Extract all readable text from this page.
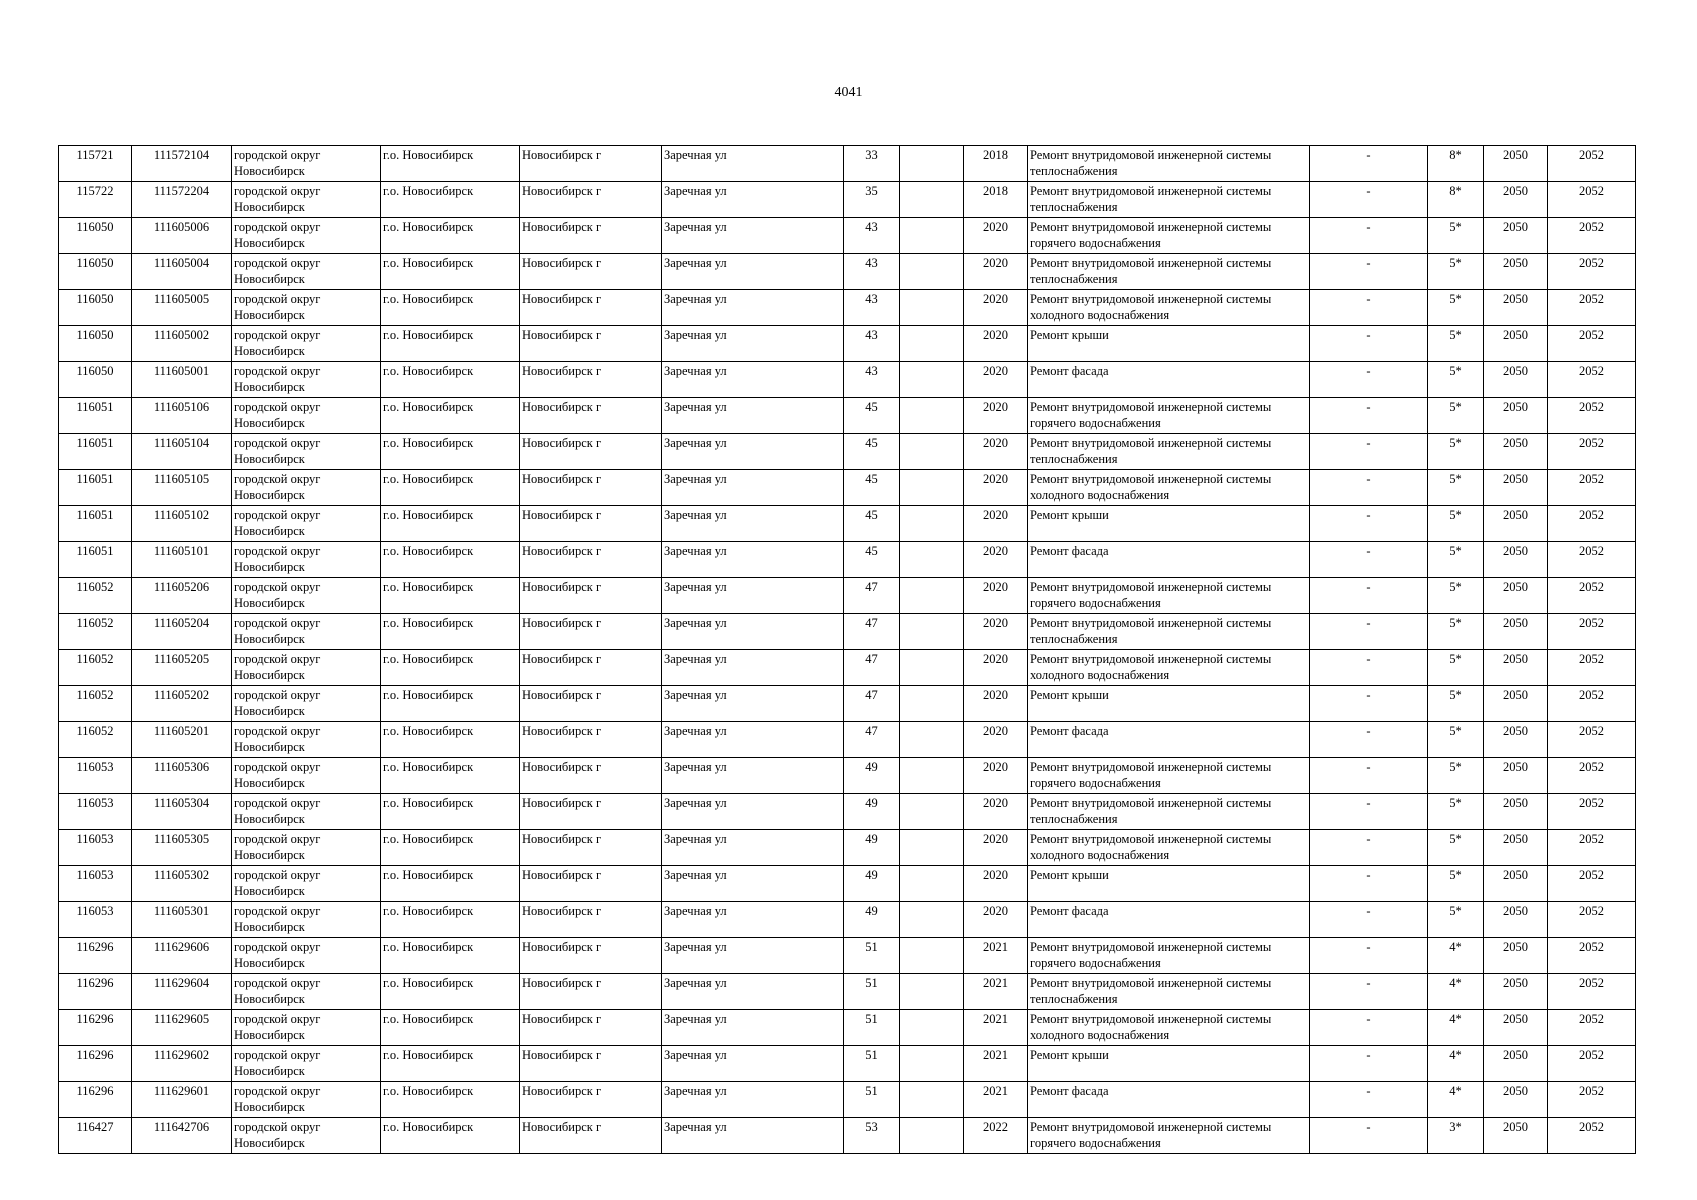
4041
115721	111572104	городской округ Новосибирск	г.о. Новосибирск	Новосибирск г	Заречная ул	33		2018	Ремонт внутридомовой инженерной системы теплоснабжения	-	8*	2050	2052
115722	111572204	городской округ Новосибирск	г.о. Новосибирск	Новосибирск г	Заречная ул	35		2018	Ремонт внутридомовой инженерной системы теплоснабжения	-	8*	2050	2052
116050	111605006	городской округ Новосибирск	г.о. Новосибирск	Новосибирск г	Заречная ул	43		2020	Ремонт внутридомовой инженерной системы горячего водоснабжения	-	5*	2050	2052
116050	111605004	городской округ Новосибирск	г.о. Новосибирск	Новосибирск г	Заречная ул	43		2020	Ремонт внутридомовой инженерной системы теплоснабжения	-	5*	2050	2052
116050	111605005	городской округ Новосибирск	г.о. Новосибирск	Новосибирск г	Заречная ул	43		2020	Ремонт внутридомовой инженерной системы холодного водоснабжения	-	5*	2050	2052
116050	111605002	городской округ Новосибирск	г.о. Новосибирск	Новосибирск г	Заречная ул	43		2020	Ремонт крыши	-	5*	2050	2052
116050	111605001	городской округ Новосибирск	г.о. Новосибирск	Новосибирск г	Заречная ул	43		2020	Ремонт фасада	-	5*	2050	2052
116051	111605106	городской округ Новосибирск	г.о. Новосибирск	Новосибирск г	Заречная ул	45		2020	Ремонт внутридомовой инженерной системы горячего водоснабжения	-	5*	2050	2052
116051	111605104	городской округ Новосибирск	г.о. Новосибирск	Новосибирск г	Заречная ул	45		2020	Ремонт внутридомовой инженерной системы теплоснабжения	-	5*	2050	2052
116051	111605105	городской округ Новосибирск	г.о. Новосибирск	Новосибирск г	Заречная ул	45		2020	Ремонт внутридомовой инженерной системы холодного водоснабжения	-	5*	2050	2052
116051	111605102	городской округ Новосибирск	г.о. Новосибирск	Новосибирск г	Заречная ул	45		2020	Ремонт крыши	-	5*	2050	2052
116051	111605101	городской округ Новосибирск	г.о. Новосибирск	Новосибирск г	Заречная ул	45		2020	Ремонт фасада	-	5*	2050	2052
116052	111605206	городской округ Новосибирск	г.о. Новосибирск	Новосибирск г	Заречная ул	47		2020	Ремонт внутридомовой инженерной системы горячего водоснабжения	-	5*	2050	2052
116052	111605204	городской округ Новосибирск	г.о. Новосибирск	Новосибирск г	Заречная ул	47		2020	Ремонт внутридомовой инженерной системы теплоснабжения	-	5*	2050	2052
116052	111605205	городской округ Новосибирск	г.о. Новосибирск	Новосибирск г	Заречная ул	47		2020	Ремонт внутридомовой инженерной системы холодного водоснабжения	-	5*	2050	2052
116052	111605202	городской округ Новосибирск	г.о. Новосибирск	Новосибирск г	Заречная ул	47		2020	Ремонт крыши	-	5*	2050	2052
116052	111605201	городской округ Новосибирск	г.о. Новосибирск	Новосибирск г	Заречная ул	47		2020	Ремонт фасада	-	5*	2050	2052
116053	111605306	городской округ Новосибирск	г.о. Новосибирск	Новосибирск г	Заречная ул	49		2020	Ремонт внутридомовой инженерной системы горячего водоснабжения	-	5*	2050	2052
116053	111605304	городской округ Новосибирск	г.о. Новосибирск	Новосибирск г	Заречная ул	49		2020	Ремонт внутридомовой инженерной системы теплоснабжения	-	5*	2050	2052
116053	111605305	городской округ Новосибирск	г.о. Новосибирск	Новосибирск г	Заречная ул	49		2020	Ремонт внутридомовой инженерной системы холодного водоснабжения	-	5*	2050	2052
116053	111605302	городской округ Новосибирск	г.о. Новосибирск	Новосибирск г	Заречная ул	49		2020	Ремонт крыши	-	5*	2050	2052
116053	111605301	городской округ Новосибирск	г.о. Новосибирск	Новосибирск г	Заречная ул	49		2020	Ремонт фасада	-	5*	2050	2052
116296	111629606	городской округ Новосибирск	г.о. Новосибирск	Новосибирск г	Заречная ул	51		2021	Ремонт внутридомовой инженерной системы горячего водоснабжения	-	4*	2050	2052
116296	111629604	городской округ Новосибирск	г.о. Новосибирск	Новосибирск г	Заречная ул	51		2021	Ремонт внутридомовой инженерной системы теплоснабжения	-	4*	2050	2052
116296	111629605	городской округ Новосибирск	г.о. Новосибирск	Новосибирск г	Заречная ул	51		2021	Ремонт внутридомовой инженерной системы холодного водоснабжения	-	4*	2050	2052
116296	111629602	городской округ Новосибирск	г.о. Новосибирск	Новосибирск г	Заречная ул	51		2021	Ремонт крыши	-	4*	2050	2052
116296	111629601	городской округ Новосибирск	г.о. Новосибирск	Новосибирск г	Заречная ул	51		2021	Ремонт фасада	-	4*	2050	2052
116427	111642706	городской округ Новосибирск	г.о. Новосибирск	Новосибирск г	Заречная ул	53		2022	Ремонт внутридомовой инженерной системы горячего водоснабжения	-	3*	2050	2052
